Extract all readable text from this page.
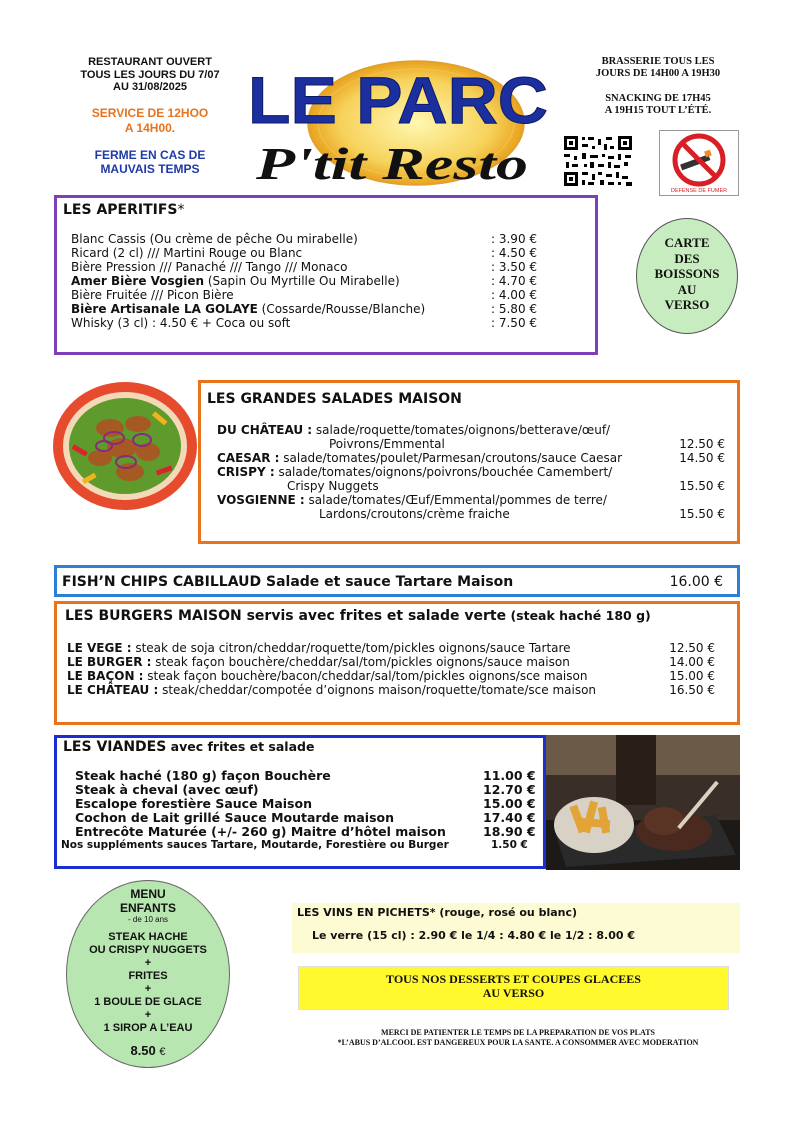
RESTAURANT OUVERT
TOUS LES JOURS DU 7/07
AU 31/08/2025
SERVICE DE 12HOO
A 14H00.
FERME EN CAS DE
MAUVAIS TEMPS
LE PARC
P'tit Resto
BRASSERIE TOUS LES
JOURS DE 14H00 A 19H30
SNACKING DE 17H45
A 19H15 TOUT L’ÉTÉ.
DEFENSE DE FUMER
LES APERITIFS*
Blanc Cassis (Ou crème de pêche Ou mirabelle)	: 3.90 €
Ricard (2 cl) /// Martini Rouge ou Blanc	: 4.50 €
Bière Pression /// Panaché /// Tango /// Monaco	: 3.50 €
Amer Bière Vosgien (Sapin Ou Myrtille Ou Mirabelle)	: 4.70 €
Bière Fruitée /// Picon Bière	: 4.00 €
Bière Artisanale LA GOLAYE (Cossarde/Rousse/Blanche)	: 5.80 €
Whisky (3 cl) : 4.50 € + Coca ou soft	: 7.50 €
CARTE
DES
BOISSONS
AU
VERSO
LES GRANDES SALADES MAISON
DU CHÂTEAU : salade/roquette/tomates/oignons/betterave/œuf/
Poivrons/Emmental	12.50 €
CAESAR : salade/tomates/poulet/Parmesan/croutons/sauce Caesar	14.50 €
CRISPY : salade/tomates/oignons/poivrons/bouchée Camembert/
Crispy Nuggets	15.50 €
VOSGIENNE : salade/tomates/Œuf/Emmental/pommes de terre/
Lardons/croutons/crème fraiche	15.50 €
FISH’N CHIPS CABILLAUD Salade et sauce Tartare Maison	16.00 €
LES BURGERS MAISON servis avec frites et salade verte (steak haché 180 g)
LE VEGE : steak de soja citron/cheddar/roquette/tom/pickles oignons/sauce Tartare	12.50 €
LE BURGER : steak façon bouchère/cheddar/sal/tom/pickles oignons/sauce maison	14.00 €
LE BAÇON : steak façon bouchère/bacon/cheddar/sal/tom/pickles oignons/sce maison	15.00 €
LE CHÂTEAU : steak/cheddar/compotée d’oignons maison/roquette/tomate/sce maison	16.50 €
LES VIANDES avec frites et salade
Steak haché (180 g) façon Bouchère	11.00 €
Steak à cheval (avec œuf)	12.70 €
Escalope forestière Sauce Maison	15.00 €
Cochon de Lait grillé Sauce Moutarde maison	17.40 €
Entrecôte Maturée (+/- 260 g) Maitre d’hôtel maison	18.90 €
Nos suppléments sauces Tartare, Moutarde, Forestière ou Burger	1.50 €
MENU
ENFANTS
- de 10 ans
STEAK HACHE
OU CRISPY NUGGETS
+
FRITES
+
1 BOULE DE GLACE
+
1 SIROP A L’EAU
8.50 €
LES VINS EN PICHETS* (rouge, rosé ou blanc)
Le verre (15 cl) : 2.90 € le 1/4 : 4.80 € le 1/2 : 8.00 €
TOUS NOS DESSERTS ET COUPES GLACEES
AU VERSO
MERCI DE PATIENTER LE TEMPS DE LA PREPARATION DE VOS PLATS
*L’ABUS D’ALCOOL EST DANGEREUX POUR LA SANTE. A CONSOMMER AVEC MODERATION
